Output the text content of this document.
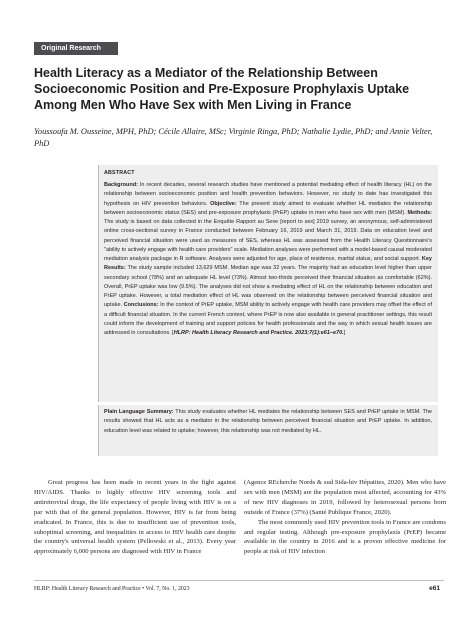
Original Research
Health Literacy as a Mediator of the Relationship Between Socioeconomic Position and Pre-Exposure Prophylaxis Uptake Among Men Who Have Sex with Men Living in France
Youssoufa M. Ousseine, MPH, PhD; Cécile Allaire, MSc; Virginie Ringa, PhD; Nathalie Lydie, PhD; and Annie Velter, PhD
ABSTRACT

Background: In recent decades, several research studies have mentioned a potential mediating effect of health literacy (HL) on the relationship between socioeconomic position and health prevention behaviors. However, no study to date has investigated this hypothesis on HIV prevention behaviors. Objective: The present study aimed to evaluate whether HL mediates the relationship between socioeconomic status (SES) and pre-exposure prophylaxis (PrEP) uptake in men who have sex with men (MSM). Methods: The study is based on data collected in the Enquête Rapport au Sexe [report to sex] 2019 survey, an anonymous, self-administered online cross-sectional survey in France conducted between February 16, 2019 and March 31, 2019. Data on education level and perceived financial situation were used as measures of SES, whereas HL was assessed from the Health Literacy Questionnaire's "ability to actively engage with health care providers" scale. Mediation analyses were performed with a model-based causal moderated mediation analysis package in R software. Analyses were adjusted for age, place of residence, marital status, and social support. Key Results: The study sample included 13,629 MSM. Median age was 32 years. The majority had an education level higher than upper secondary school (78%) and an adequate HL level (73%). Almost two-thirds perceived their financial situation as comfortable (62%). Overall, PrEP uptake was low (9.5%). The analyses did not show a mediating effect of HL on the relationship between education and PrEP uptake. However, a total mediation effect of HL was observed on the relationship between perceived financial situation and uptake. Conclusions: In the context of PrEP uptake, MSM ability to actively engage with health care providers may offset the effect of a difficult financial situation. In the current French context, where PrEP is now also available in general practitioner settings, this result could inform the development of training and support policies for health professionals and the way in which sexual health issues are addressed in consultations. [HLRP: Health Literacy Research and Practice. 2023;7(1):e61–e70.]

Plain Language Summary: This study evaluates whether HL mediates the relationship between SES and PrEP uptake in MSM. The results showed that HL acts as a mediator in the relationship between perceived financial situation and PrEP uptake. In addition, education level was related to uptake; however, this relationship was not mediated by HL.

Great progress has been made in recent years in the fight against HIV/AIDS. Thanks to highly effective HIV screening tools and antiretroviral drugs, the life expectancy of people living with HIV is on a par with that of the general population. However, HIV is far from being eradicated. In France, this is due to insufficient use of prevention tools, suboptimal screening, and inequalities in access to HIV health care despite the country's universal health system (Pellowski et al., 2013). Every year approximately 6,000 persons are diagnosed with HIV in France

(Agence REcherche Nords & sud Sida-hiv Hépatites, 2020). Men who have sex with men (MSM) are the population most affected, accounting for 43% of new HIV diagnoses in 2019, followed by heterosexual persons born outside of France (37%) (Santé Publique France, 2020).

The most commonly used HIV prevention tools in France are condoms and regular testing. Although pre-exposure prophylaxis (PrEP) became available in the country in 2016 and is a proven effective medicine for people at risk of HIV infection

HLRP: Health Literacy Research and Practice • Vol. 7, No. 1, 2023	e61
